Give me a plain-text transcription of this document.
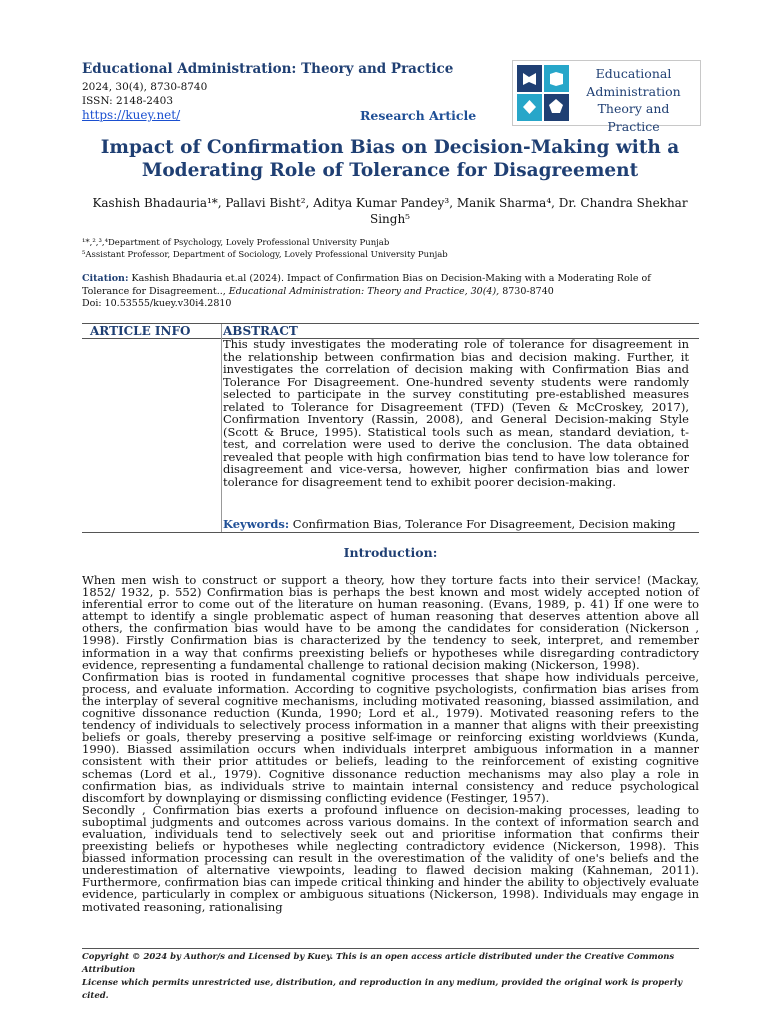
Educational Administration: Theory and Practice
2024, 30(4), 8730-8740
ISSN: 2148-2403
https://kuey.net/	Research Article
Educational
Administration
Theory and Practice
Impact of Confirmation Bias on Decision-Making with a
Moderating Role of Tolerance for Disagreement
Kashish Bhadauria¹*, Pallavi Bisht², Aditya Kumar Pandey³, Manik Sharma⁴, Dr. Chandra Shekhar
Singh⁵
¹*,²,³,⁴Department of Psychology, Lovely Professional University Punjab
⁵Assistant Professor, Department of Sociology, Lovely Professional University Punjab
Citation: Kashish Bhadauria et.al (2024). Impact of Confirmation Bias on Decision-Making with a Moderating Role of Tolerance for Disagreement.., Educational Administration: Theory and Practice, 30(4), 8730-8740
Doi: 10.53555/kuey.v30i4.2810
ARTICLE INFO	ABSTRACT
This study investigates the moderating role of tolerance for disagreement in the relationship between confirmation bias and decision making. Further, it investigates the correlation of decision making with Confirmation Bias and Tolerance For Disagreement. One-hundred seventy students were randomly selected to participate in the survey constituting pre-established measures related to Tolerance for Disagreement (TFD) (Teven & McCroskey, 2017), Confirmation Inventory (Rassin, 2008), and General Decision-making Style (Scott & Bruce, 1995). Statistical tools such as mean, standard deviation, t-test, and correlation were used to derive the conclusion. The data obtained revealed that people with high confirmation bias tend to have low tolerance for disagreement and vice-versa, however, higher confirmation bias and lower tolerance for disagreement tend to exhibit poorer decision-making.
Keywords: Confirmation Bias, Tolerance For Disagreement, Decision making
Introduction:

When men wish to construct or support a theory, how they torture facts into their service! (Mackay, 1852/ 1932, p. 552) Confirmation bias is perhaps the best known and most widely accepted notion of inferential error to come out of the literature on human reasoning. (Evans, 1989, p. 41) If one were to attempt to identify a single problematic aspect of human reasoning that deserves attention above all others, the confirmation bias would have to be among the candidates for consideration (Nickerson , 1998). Firstly Confirmation bias is characterized by the tendency to seek, interpret, and remember information in a way that confirms preexisting beliefs or hypotheses while disregarding contradictory evidence, representing a fundamental challenge to rational decision making (Nickerson, 1998).

Confirmation bias is rooted in fundamental cognitive processes that shape how individuals perceive, process, and evaluate information. According to cognitive psychologists, confirmation bias arises from the interplay of several cognitive mechanisms, including motivated reasoning, biassed assimilation, and cognitive dissonance reduction (Kunda, 1990; Lord et al., 1979). Motivated reasoning refers to the tendency of individuals to selectively process information in a manner that aligns with their preexisting beliefs or goals, thereby preserving a positive self-image or reinforcing existing worldviews (Kunda, 1990). Biassed assimilation occurs when individuals interpret ambiguous information in a manner consistent with their prior attitudes or beliefs, leading to the reinforcement of existing cognitive schemas (Lord et al., 1979). Cognitive dissonance reduction mechanisms may also play a role in confirmation bias, as individuals strive to maintain internal consistency and reduce psychological discomfort by downplaying or dismissing conflicting evidence (Festinger, 1957).

Secondly , Confirmation bias exerts a profound influence on decision-making processes, leading to suboptimal judgments and outcomes across various domains. In the context of information search and evaluation, individuals tend to selectively seek out and prioritise information that confirms their preexisting beliefs or hypotheses while neglecting contradictory evidence (Nickerson, 1998). This biassed information processing can result in the overestimation of the validity of one's beliefs and the underestimation of alternative viewpoints, leading to flawed decision making (Kahneman, 2011). Furthermore, confirmation bias can impede critical thinking and hinder the ability to objectively evaluate evidence, particularly in complex or ambiguous situations (Nickerson, 1998). Individuals may engage in motivated reasoning, rationalising

Copyright © 2024 by Author/s and Licensed by Kuey. This is an open access article distributed under the Creative Commons Attribution
License which permits unrestricted use, distribution, and reproduction in any medium, provided the original work is properly cited.
